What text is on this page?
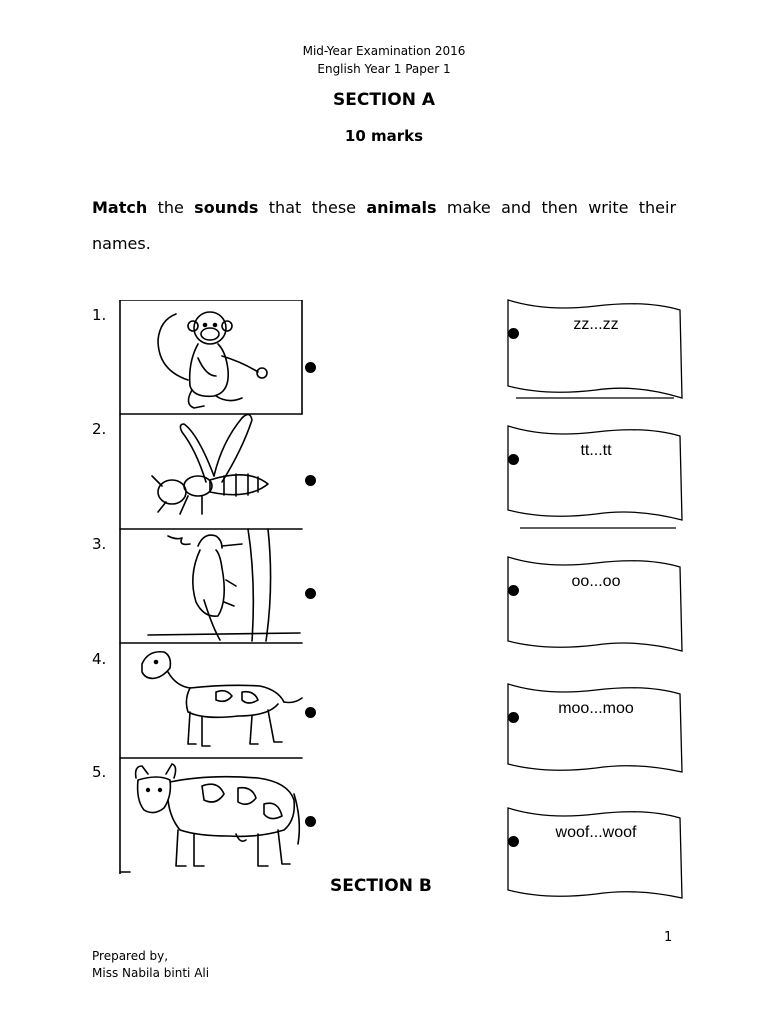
Mid-Year Examination 2016
English Year 1 Paper 1
SECTION A
10 marks
Match the sounds that these animals make and then write their names.
1.
2.
3.
4.
5.
zz...zz
tt...tt
oo...oo
moo...moo
woof...woof
SECTION B
1
Prepared by,
Miss Nabila binti Ali
